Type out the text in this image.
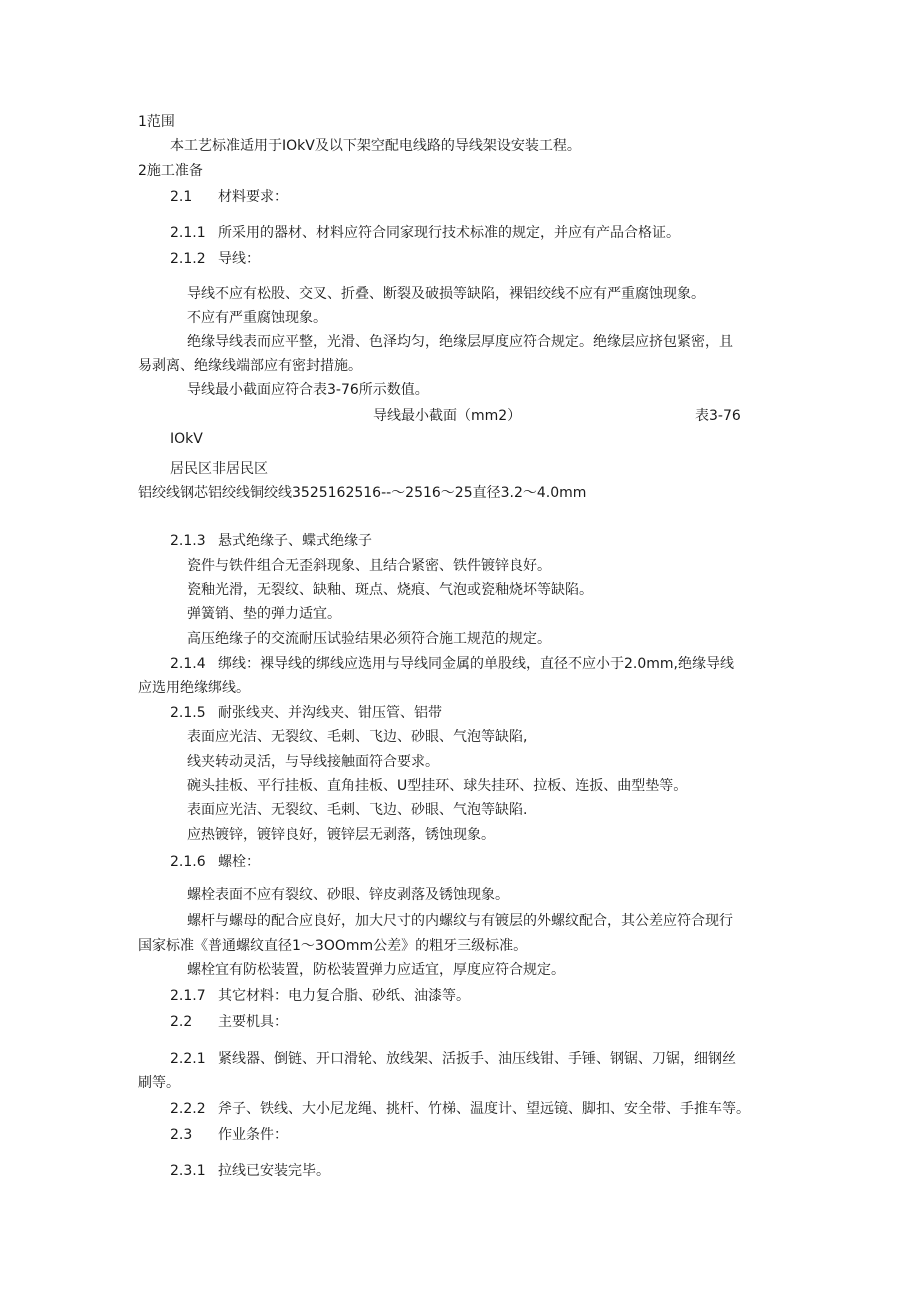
1范围

本工艺标准适用于IOkV及以下架空配电线路的导线架设安装工程。

2施工准备

2.1 材料要求：

2.1.1 所采用的器材、材料应符合同家现行技术标准的规定，并应有产品合格证。

2.1.2 导线：

导线不应有松股、交叉、折叠、断裂及破损等缺陷，裸铝绞线不应有严重腐蚀现象。

不应有严重腐蚀现象。

绝缘导线表而应平整，光滑、色泽均匀，绝缘层厚度应符合规定。绝缘层应挤包紧密，且

易剥离、绝缘线端部应有密封措施。

导线最小截面应符合表3-76所示数值。

导线最小截面（mm2）	表3-76

IOkV

居民区非居民区

铝绞线钢芯铝绞线铜绞线3525162516--～2516～25直径3.2～4.0mm

2.1.3 悬式绝缘子、蝶式绝缘子

瓷件与铁件组合无歪斜现象、且结合紧密、铁件镀锌良好。

瓷釉光滑，无裂纹、缺釉、斑点、烧痕、气泡或瓷釉烧坏等缺陷。

弹簧销、垫的弹力适宜。

高压绝缘子的交流耐压试验结果必须符合施工规范的规定。

2.1.4 绑线：裸导线的绑线应选用与导线同金属的单股线，直径不应小于2.0mm,绝缘导线

应选用绝缘绑线。

2.1.5 耐张线夹、并沟线夹、钳压管、铝带

表面应光洁、无裂纹、毛刺、飞边、砂眼、气泡等缺陷,

线夹转动灵活，与导线接触面符合要求。

碗头挂板、平行挂板、直角挂板、U型挂环、球失挂环、拉板、连扳、曲型垫等。

表面应光洁、无裂纹、毛刺、飞边、砂眼、气泡等缺陷.

应热镀锌，镀锌良好，镀锌层无剥落，锈蚀现象。

2.1.6 螺栓：

螺栓表面不应有裂纹、砂眼、锌皮剥落及锈蚀现象。

螺杆与螺母的配合应良好，加大尺寸的内螺纹与有镀层的外螺纹配合，其公差应符合现行

国家标准《普通螺纹直径1～3OOmm公差》的粗牙三级标准。

螺栓宜有防松装置，防松装置弹力应适宜，厚度应符合规定。

2.1.7 其它材料：电力复合脂、砂纸、油漆等。

2.2 主要机具：

2.2.1 紧线器、倒链、开口滑轮、放线架、活扳手、油压线钳、手锤、钢锯、刀锯，细钢丝

刷等。

2.2.2 斧子、铁线、大小尼龙绳、挑杆、竹梯、温度计、望远镜、脚扣、安全带、手推车等。

2.3 作业条件：

2.3.1 拉线已安装完毕。
